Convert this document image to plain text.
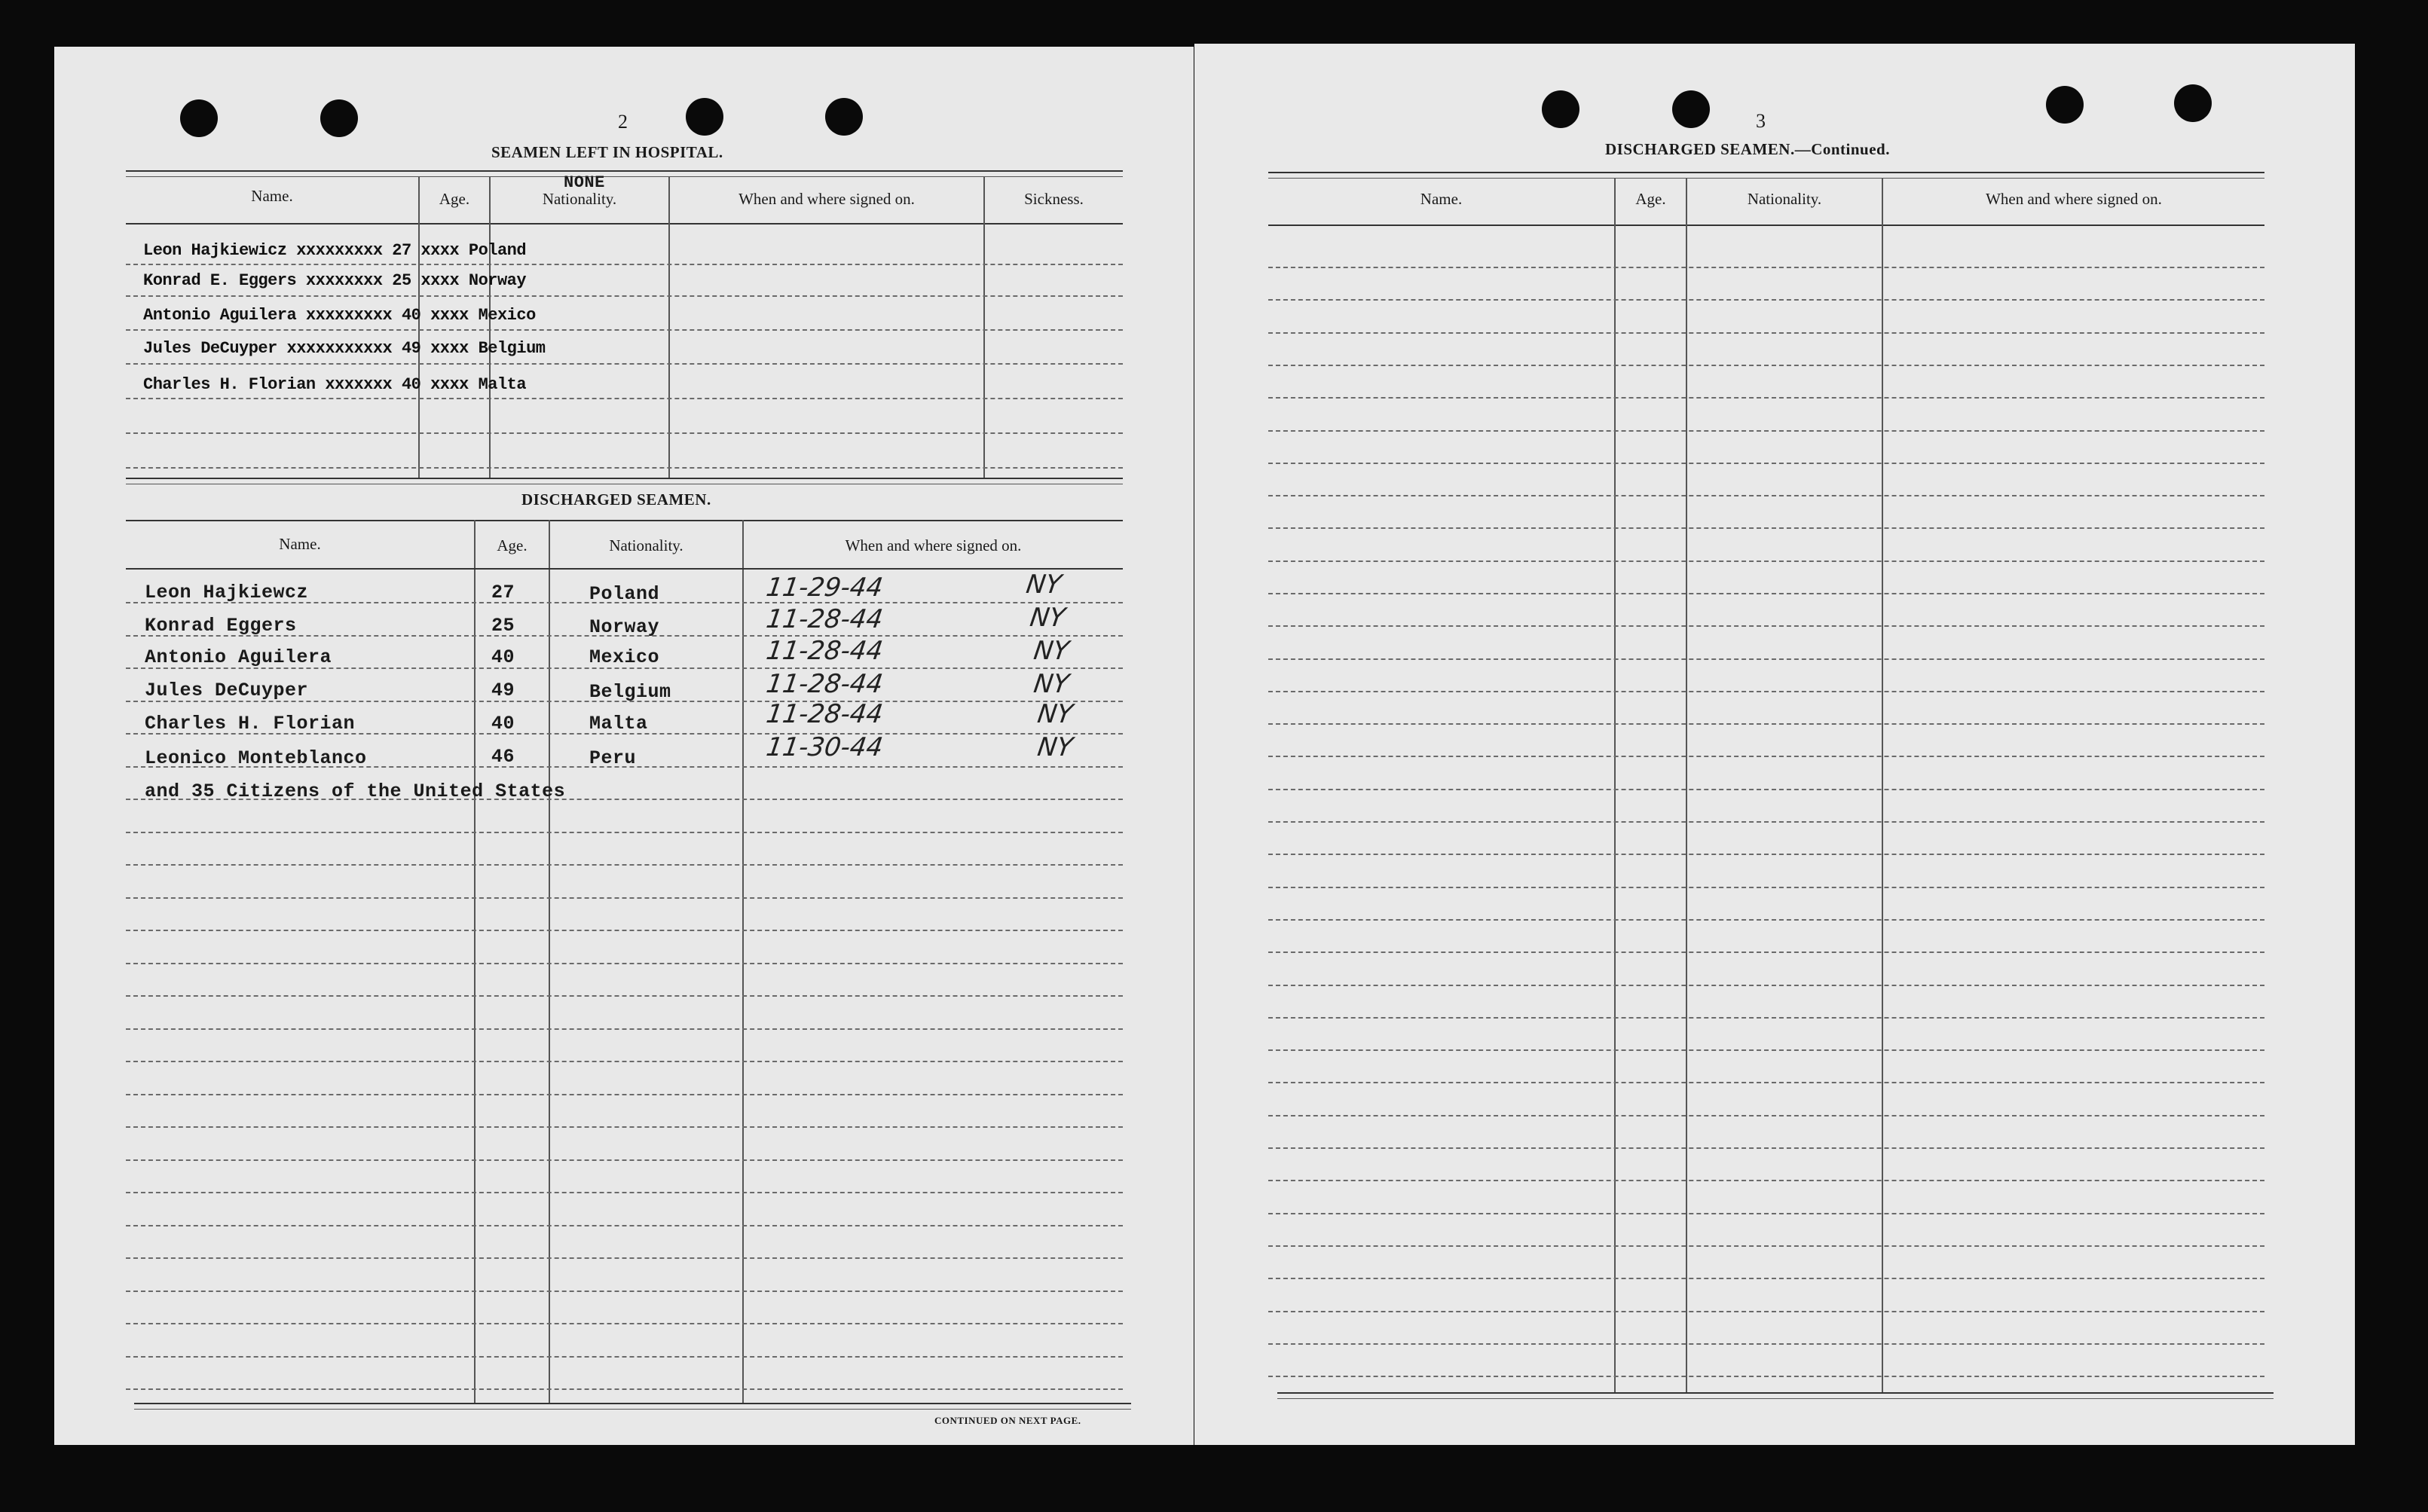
2
SEAMEN LEFT IN HOSPITAL.
Name.	Age.	Nationality.	When and where signed on.	Sickness.
NONE
Leon Hajkiewicz xxxxxxxxx 27 xxxx Poland
Konrad E. Eggers xxxxxxxx 25 xxxx Norway
Antonio Aguilera xxxxxxxxx 40 xxxx Mexico
Jules DeCuyper xxxxxxxxxxx 49 xxxx Belgium
Charles H. Florian xxxxxxx 40 xxxx Malta
DISCHARGED SEAMEN.
Name.	Age.	Nationality.	When and where signed on.
Leon Hajkiewcz	27	Poland	11-29-44	NY
Konrad Eggers	25	Norway	11-28-44	NY
Antonio Aguilera	40	Mexico	11-28-44	NY
Jules DeCuyper	49	Belgium	11-28-44	NY
Charles H. Florian	40	Malta	11-28-44	NY
Leonico Monteblanco	46	Peru	11-30-44	NY
and 35 Citizens of the United States
CONTINUED ON NEXT PAGE.
3
DISCHARGED SEAMEN.—Continued.
Name.	Age.	Nationality.	When and where signed on.
